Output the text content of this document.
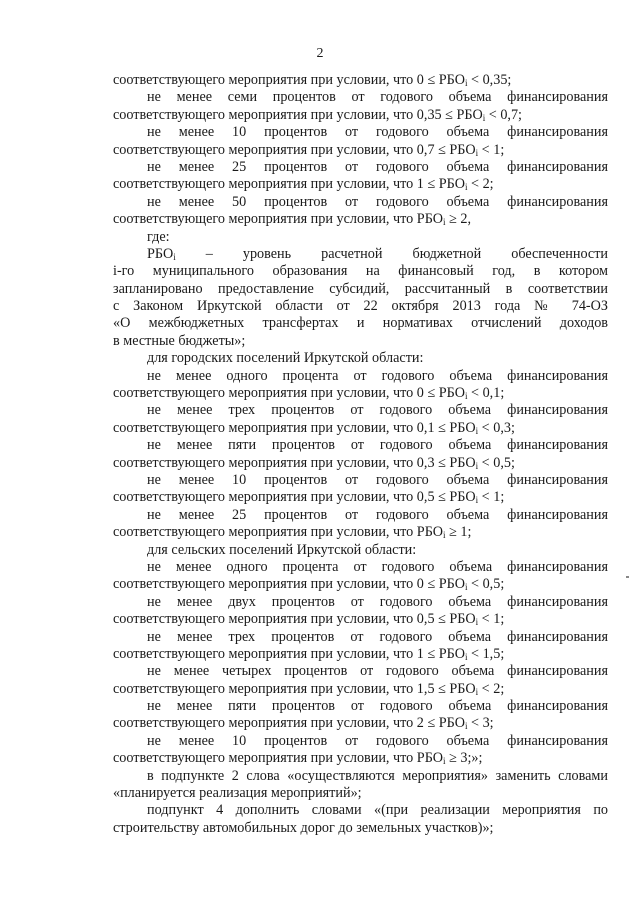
2
соответствующего мероприятия при условии, что $0 \le РБО_i < 0,35$;
не менее семи процентов от годового объема финансирования
соответствующего мероприятия при условии, что $0,35 \le РБО_i < 0,7$;
не менее 10 процентов от годового объема финансирования
соответствующего мероприятия при условии, что $0,7 \le РБО_i < 1$;
не менее 25 процентов от годового объема финансирования
соответствующего мероприятия при условии, что $1 \le РБО_i < 2$;
не менее 50 процентов от годового объема финансирования
соответствующего мероприятия при условии, что $РБО_i \ge 2$,
где:
$РБО_i$ – уровень расчетной бюджетной обеспеченности
i-го муниципального образования на финансовый год, в котором
запланировано предоставление субсидий, рассчитанный в соответствии
с Законом Иркутской области от 22 октября 2013 года № 74-ОЗ
«О межбюджетных трансфертах и нормативах отчислений доходов
в местные бюджеты»;
для городских поселений Иркутской области:
не менее одного процента от годового объема финансирования
соответствующего мероприятия при условии, что $0 \le РБО_i < 0,1$;
не менее трех процентов от годового объема финансирования
соответствующего мероприятия при условии, что $0,1 \le РБО_i < 0,3$;
не менее пяти процентов от годового объема финансирования
соответствующего мероприятия при условии, что $0,3 \le РБО_i < 0,5$;
не менее 10 процентов от годового объема финансирования
соответствующего мероприятия при условии, что $0,5 \le РБО_i < 1$;
не менее 25 процентов от годового объема финансирования
соответствующего мероприятия при условии, что $РБО_i \ge 1$;
для сельских поселений Иркутской области:
не менее одного процента от годового объема финансирования
соответствующего мероприятия при условии, что $0 \le РБО_i < 0,5$;
не менее двух процентов от годового объема финансирования
соответствующего мероприятия при условии, что $0,5 \le РБО_i < 1$;
не менее трех процентов от годового объема финансирования
соответствующего мероприятия при условии, что $1 \le РБО_i < 1,5$;
не менее четырех процентов от годового объема финансирования
соответствующего мероприятия при условии, что $1,5 \le РБО_i < 2$;
не менее пяти процентов от годового объема финансирования
соответствующего мероприятия при условии, что $2 \le РБО_i < 3$;
не менее 10 процентов от годового объема финансирования
соответствующего мероприятия при условии, что $РБО_i \ge 3$;»;
в подпункте 2 слова «осуществляются мероприятия» заменить словами
«планируется реализация мероприятий»;
подпункт 4 дополнить словами «(при реализации мероприятия по
строительству автомобильных дорог до земельных участков)»;
